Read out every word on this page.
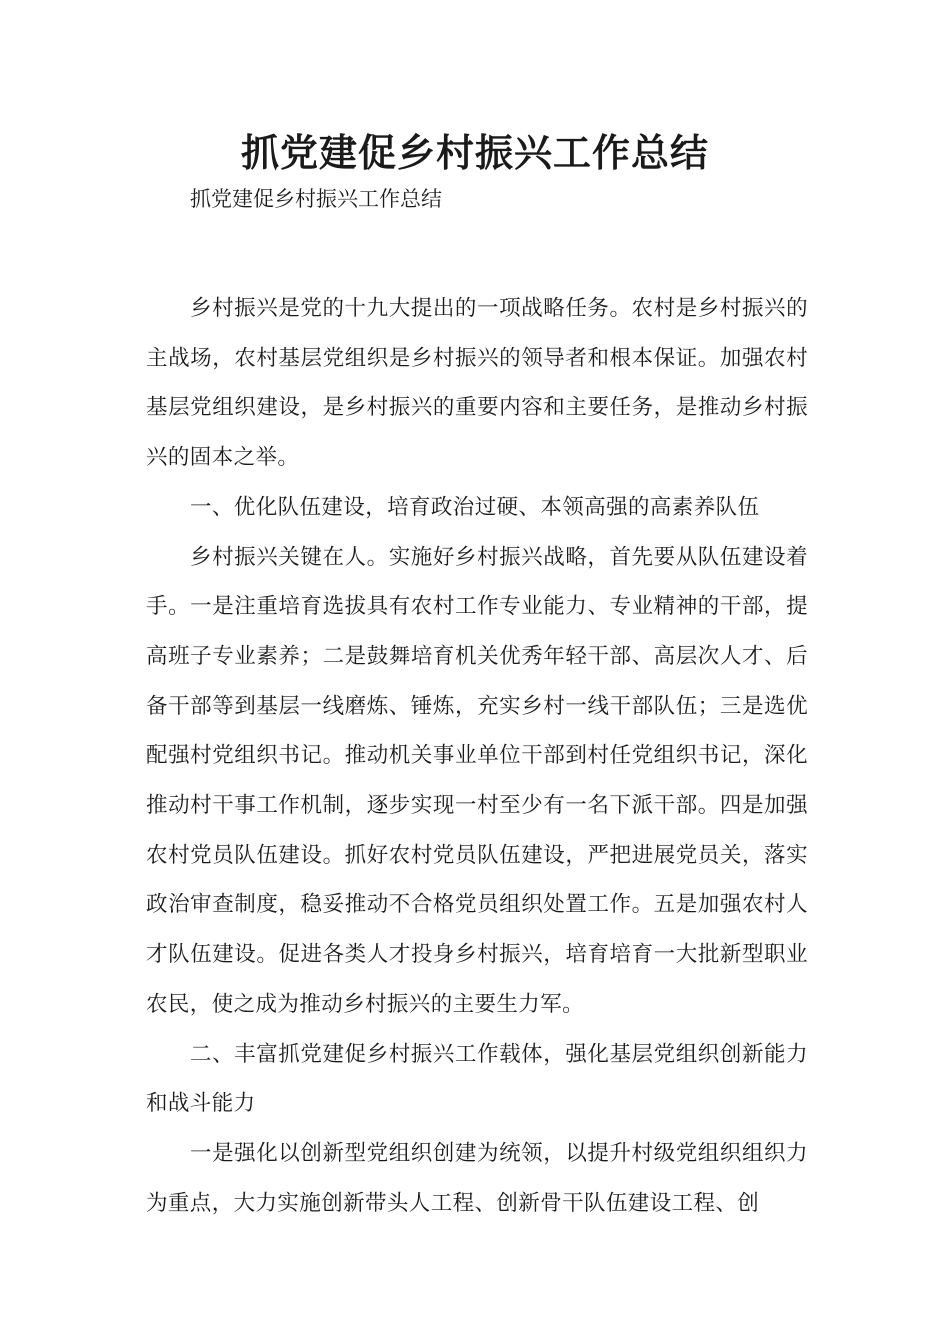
抓党建促乡村振兴工作总结

抓党建促乡村振兴工作总结

乡村振兴是党的十九大提出的一项战略任务。农村是乡村振兴的主战场，农村基层党组织是乡村振兴的领导者和根本保证。加强农村基层党组织建设，是乡村振兴的重要内容和主要任务，是推动乡村振兴的固本之举。

一、优化队伍建设，培育政治过硬、本领高强的高素养队伍

乡村振兴关键在人。实施好乡村振兴战略，首先要从队伍建设着手。一是注重培育选拔具有农村工作专业能力、专业精神的干部，提高班子专业素养；二是鼓舞培育机关优秀年轻干部、高层次人才、后备干部等到基层一线磨炼、锤炼，充实乡村一线干部队伍；三是选优配强村党组织书记。推动机关事业单位干部到村任党组织书记，深化推动村干事工作机制，逐步实现一村至少有一名下派干部。四是加强农村党员队伍建设。抓好农村党员队伍建设，严把进展党员关，落实政治审查制度，稳妥推动不合格党员组织处置工作。五是加强农村人才队伍建设。促进各类人才投身乡村振兴，培育培育一大批新型职业农民，使之成为推动乡村振兴的主要生力军。

二、丰富抓党建促乡村振兴工作载体，强化基层党组织创新能力和战斗能力

一是强化以创新型党组织创建为统领，以提升村级党组织组织力为重点，大力实施创新带头人工程、创新骨干队伍建设工程、创
